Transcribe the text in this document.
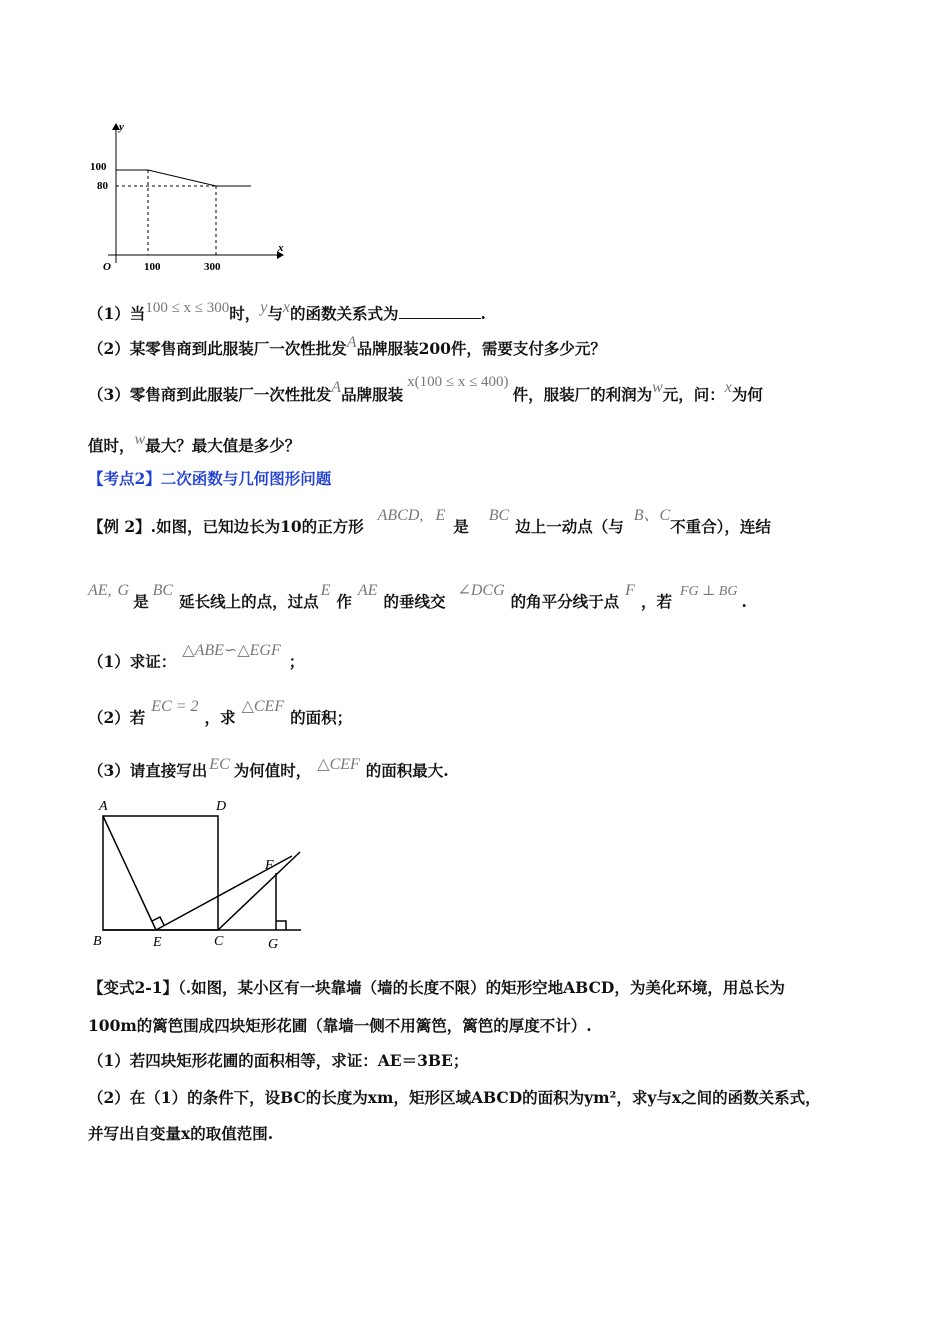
y
x
O
100
80
100	300
（1）当100 ≤ x ≤ 300时，y与x的函数关系式为	.
（2）某零售商到此服装厂一次性批发A品牌服装200件，需要支付多少元？
（3）零售商到此服装厂一次性批发A品牌服装x(100 ≤ x ≤ 400)件，服装厂的利润为w元，问：x为何
值时，w最大？最大值是多少？
【考点2】二次函数与几何图形问题
【例 2】.如图，已知边长为10的正方形ABCD, E是BC边上一动点（与B、C不重合），连结
AE, G是BC延长线上的点，过点E作AE的垂线交∠DCG的角平分线于点F，若FG ⊥ BG.
（1）求证：△ABE∽△EGF；
（2）若EC = 2，求△CEF的面积；
（3）请直接写出 EC 为何值时， △CEF 的面积最大.
A	D
B	E	C	G
F
【变式2-1】（.如图，某小区有一块靠墙（墙的长度不限）的矩形空地ABCD，为美化环境，用总长为
100m的篱笆围成四块矩形花圃（靠墙一侧不用篱笆，篱笆的厚度不计）.
（1）若四块矩形花圃的面积相等，求证：AE＝3BE；
（2）在（1）的条件下，设BC的长度为xm，矩形区域ABCD的面积为ym²，求y与x之间的函数关系式，
并写出自变量x的取值范围.
